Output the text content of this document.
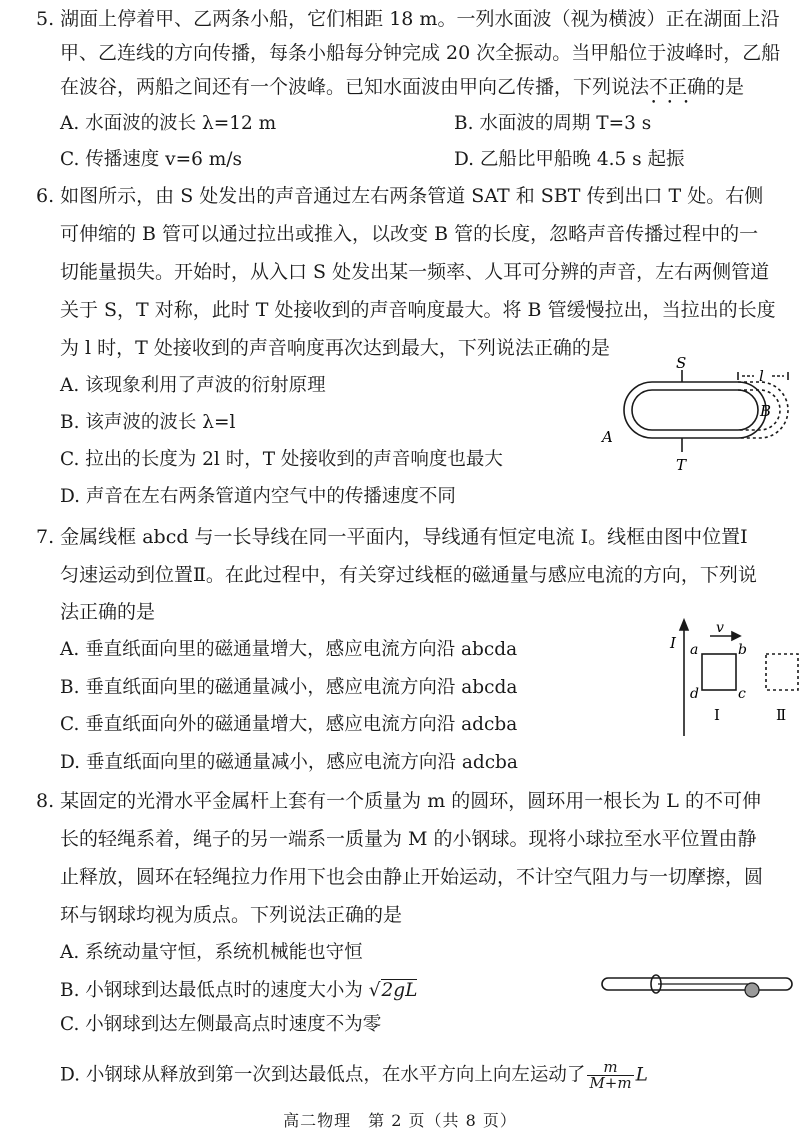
5. 湖面上停着甲、乙两条小船，它们相距 18 m。一列水面波（视为横波）正在湖面上沿
甲、乙连线的方向传播，每条小船每分钟完成 20 次全振动。当甲船位于波峰时，乙船
在波谷，两船之间还有一个波峰。已知水面波由甲向乙传播，下列说法不正确 • • •的是
A. 水面波的波长 λ=12 m	B. 水面波的周期 T=3 s
C. 传播速度 v=6 m/s	D. 乙船比甲船晚 4.5 s 起振
6. 如图所示，由 S 处发出的声音通过左右两条管道 SAT 和 SBT 传到出口 T 处。右侧
可伸缩的 B 管可以通过拉出或推入，以改变 B 管的长度，忽略声音传播过程中的一
切能量损失。开始时，从入口 S 处发出某一频率、人耳可分辨的声音，左右两侧管道
关于 S，T 对称，此时 T 处接收到的声音响度最大。将 B 管缓慢拉出，当拉出的长度
为 l 时，T 处接收到的声音响度再次达到最大，下列说法正确的是
A. 该现象利用了声波的衍射原理
B. 该声波的波长 λ=l
C. 拉出的长度为 2l 时，T 处接收到的声音响度也最大
D. 声音在左右两条管道内空气中的传播速度不同
S
T
A
B
l
7. 金属线框 abcd 与一长导线在同一平面内，导线通有恒定电流 I。线框由图中位置Ⅰ
匀速运动到位置Ⅱ。在此过程中，有关穿过线框的磁通量与感应电流的方向，下列说
法正确的是
A. 垂直纸面向里的磁通量增大，感应电流方向沿 abcda
B. 垂直纸面向里的磁通量减小，感应电流方向沿 abcda
C. 垂直纸面向外的磁通量增大，感应电流方向沿 adcba
D. 垂直纸面向里的磁通量减小，感应电流方向沿 adcba
I
v
a	b
c
d
Ⅰ	Ⅱ
8. 某固定的光滑水平金属杆上套有一个质量为 m 的圆环，圆环用一根长为 L 的不可伸
长的轻绳系着，绳子的另一端系一质量为 M 的小钢球。现将小球拉至水平位置由静
止释放，圆环在轻绳拉力作用下也会由静止开始运动，不计空气阻力与一切摩擦，圆
环与钢球均视为质点。下列说法正确的是
A. 系统动量守恒，系统机械能也守恒
B. 小钢球到达最低点时的速度大小为 √2gL
C. 小钢球到达左侧最高点时速度不为零
D. 小钢球从释放到第一次到达最低点，在水平方向上向左运动了 $\frac{m}{M+m}$ L
高二物理　第 2 页（共 8 页）
